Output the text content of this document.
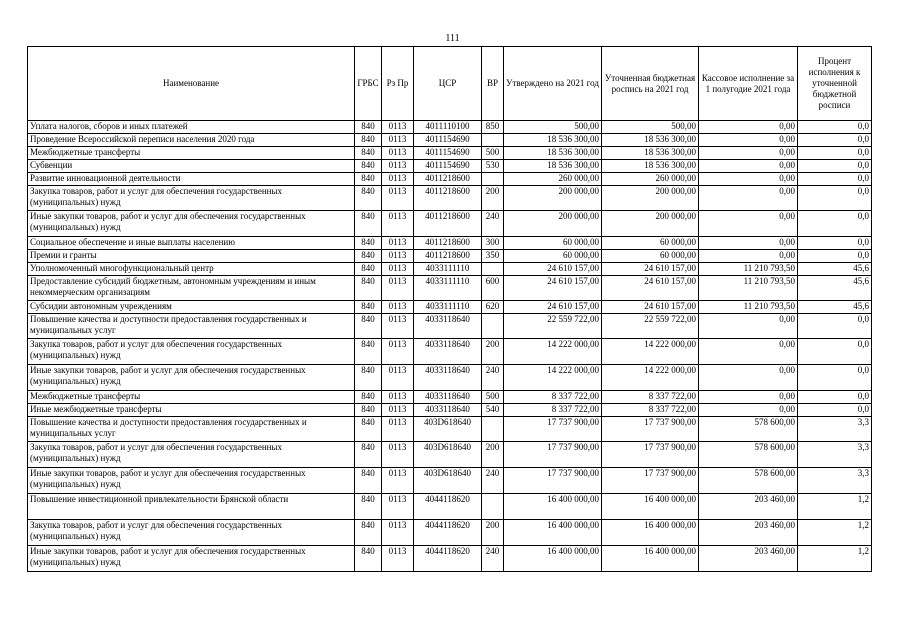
111
Наименование	ГРБС	Рз Пр	ЦСР	ВР	Утверждено на 2021 год	Уточненная бюджетная роспись на 2021 год	Кассовое исполнение за 1 полугодие 2021 года	Процент исполнения к уточненной бюджетной росписи
Уплата налогов, сборов и иных платежей	840	0113	4011110100	850	500,00	500,00	0,00	0,0
Проведение Всероссийской переписи населения 2020 года	840	0113	4011154690		18 536 300,00	18 536 300,00	0,00	0,0
Межбюджетные трансферты	840	0113	4011154690	500	18 536 300,00	18 536 300,00	0,00	0,0
Субвенции	840	0113	4011154690	530	18 536 300,00	18 536 300,00	0,00	0,0
Развитие инновационной деятельности	840	0113	4011218600		260 000,00	260 000,00	0,00	0,0
Закупка товаров, работ и услуг для обеспечения государственных (муниципальных) нужд	840	0113	4011218600	200	200 000,00	200 000,00	0,00	0,0
Иные закупки товаров, работ и услуг для обеспечения государственных (муниципальных) нужд	840	0113	4011218600	240	200 000,00	200 000,00	0,00	0,0
Социальное обеспечение и иные выплаты населению	840	0113	4011218600	300	60 000,00	60 000,00	0,00	0,0
Премии и гранты	840	0113	4011218600	350	60 000,00	60 000,00	0,00	0,0
Уполномоченный многофункциональный центр	840	0113	4033111110		24 610 157,00	24 610 157,00	11 210 793,50	45,6
Предоставление субсидий бюджетным, автономным учреждениям и иным некоммерческим организациям	840	0113	4033111110	600	24 610 157,00	24 610 157,00	11 210 793,50	45,6
Субсидии автономным учреждениям	840	0113	4033111110	620	24 610 157,00	24 610 157,00	11 210 793,50	45,6
Повышение качества и доступности предоставления государственных и муниципальных услуг	840	0113	4033118640		22 559 722,00	22 559 722,00	0,00	0,0
Закупка товаров, работ и услуг для обеспечения государственных (муниципальных) нужд	840	0113	4033118640	200	14 222 000,00	14 222 000,00	0,00	0,0
Иные закупки товаров, работ и услуг для обеспечения государственных (муниципальных) нужд	840	0113	4033118640	240	14 222 000,00	14 222 000,00	0,00	0,0
Межбюджетные трансферты	840	0113	4033118640	500	8 337 722,00	8 337 722,00	0,00	0,0
Иные межбюджетные трансферты	840	0113	4033118640	540	8 337 722,00	8 337 722,00	0,00	0,0
Повышение качества и доступности предоставления государственных и муниципальных услуг	840	0113	403D618640		17 737 900,00	17 737 900,00	578 600,00	3,3
Закупка товаров, работ и услуг для обеспечения государственных (муниципальных) нужд	840	0113	403D618640	200	17 737 900,00	17 737 900,00	578 600,00	3,3
Иные закупки товаров, работ и услуг для обеспечения государственных (муниципальных) нужд	840	0113	403D618640	240	17 737 900,00	17 737 900,00	578 600,00	3,3
Повышение инвестиционной привлекательности Брянской области	840	0113	4044118620		16 400 000,00	16 400 000,00	203 460,00	1,2
Закупка товаров, работ и услуг для обеспечения государственных (муниципальных) нужд	840	0113	4044118620	200	16 400 000,00	16 400 000,00	203 460,00	1,2
Иные закупки товаров, работ и услуг для обеспечения государственных (муниципальных) нужд	840	0113	4044118620	240	16 400 000,00	16 400 000,00	203 460,00	1,2
